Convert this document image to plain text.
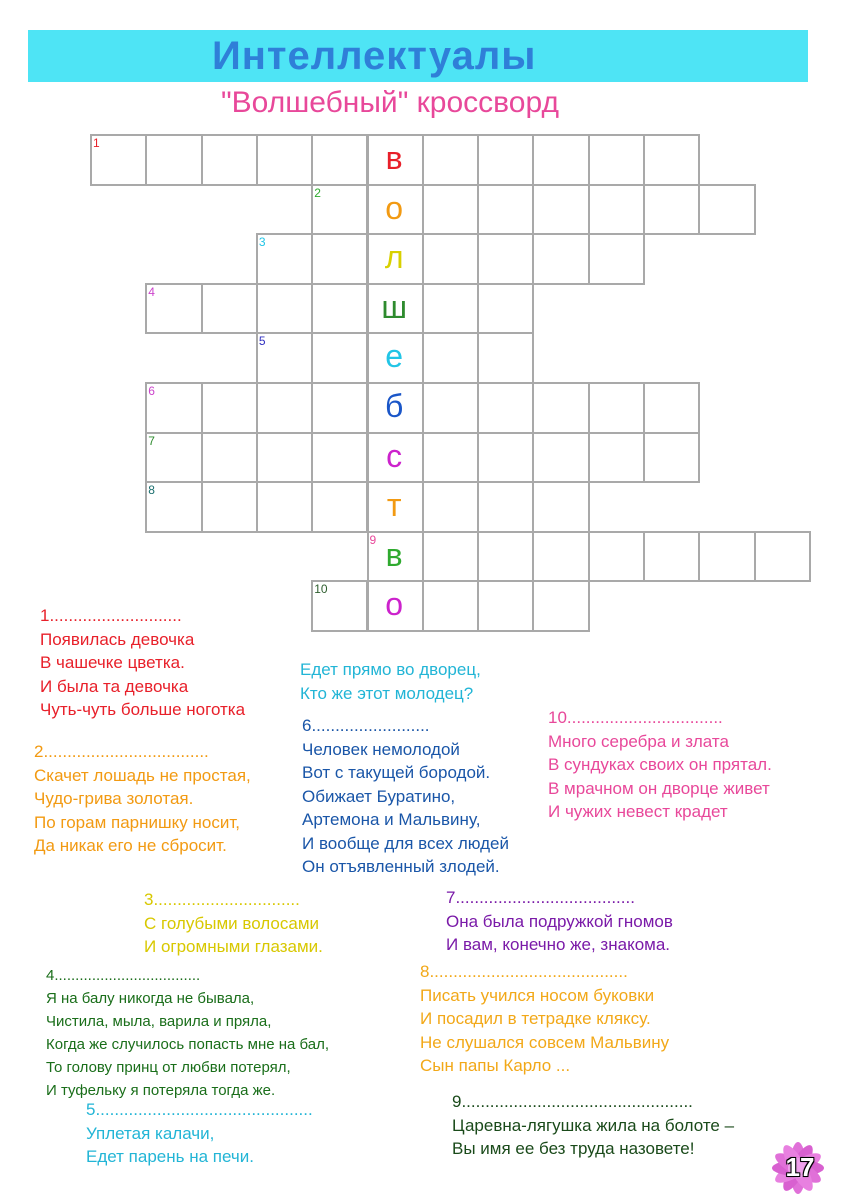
Интеллектуалы
"Волшебный" кроссворд
в
1
о
2
л
3
ш
4
е
5
б
6
с
7
т
8
в
9
о
10
1............................
Появилась девочка
В чашечке цветка.
И была та девочка
Чуть-чуть больше ноготка
Едет прямо во дворец,
Кто же этот молодец?
6.........................
Человек немолодой
Вот с такущей бородой.
Обижает Буратино,
Артемона и Мальвину,
И вообще для всех людей
Он отъявленный злодей.
10.................................
Много серебра и злата
В сундуках своих он прятал.
В мрачном он дворце живет
И чужих невест крадет
2...................................
Скачет лошадь не простая,
Чудо-грива золотая.
По горам парнишку носит,
Да никак его не сбросит.
3...............................
С голубыми волосами
И огромными глазами.
7......................................
Она была подружкой гномов
И вам, конечно же, знакома.
4...................................
Я на балу никогда не бывала,
Чистила, мыла, варила и пряла,
Когда же случилось попасть мне на бал,
То голову принц от любви потерял,
И туфельку я потеряла тогда же.
8..........................................
Писать учился носом буковки
И посадил в тетрадке кляксу.
Не слушался совсем Мальвину
Сын папы Карло ...
5..............................................
Уплетая калачи,
Едет парень на печи.
9.................................................
Царевна-лягушка жила на болоте –
Вы имя ее без труда назовете!
17
